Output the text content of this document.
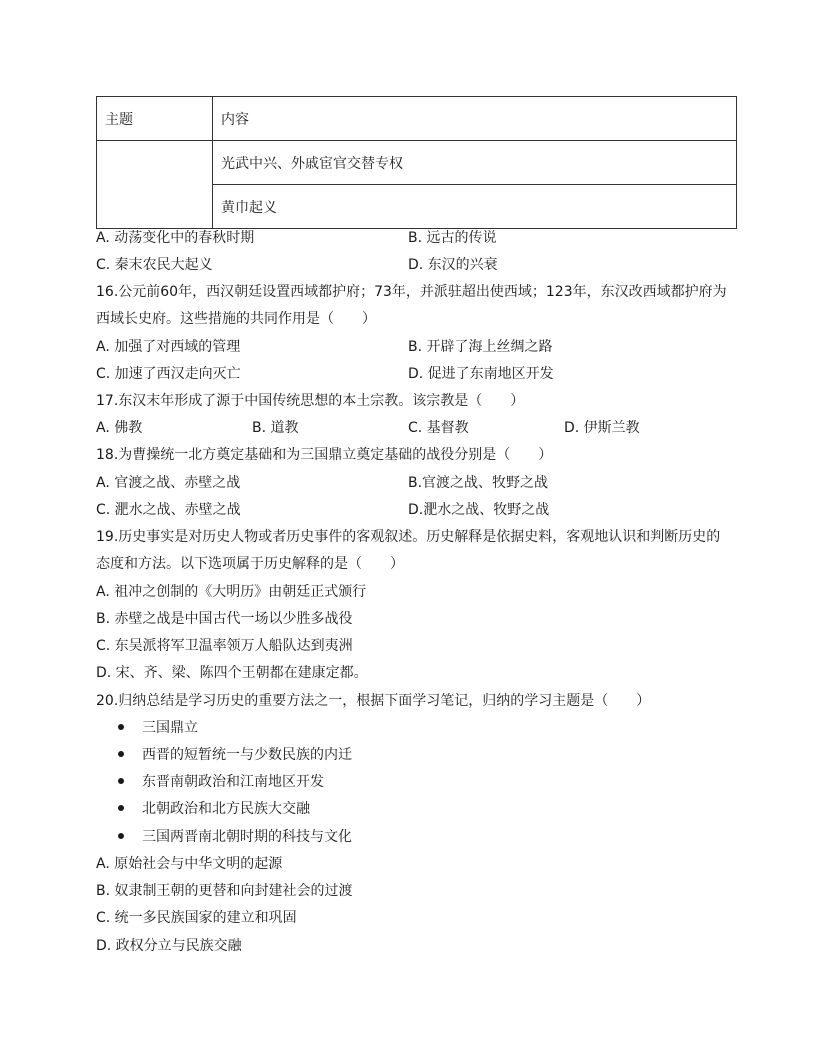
主题	内容
	光武中兴、外戚宦官交替专权
	黄巾起义
A. 动荡变化中的春秋时期	B. 远古的传说
C. 秦末农民大起义	D. 东汉的兴衰
16.公元前60年，西汉朝廷设置西域都护府；73年，并派驻超出使西域；123年，东汉改西域都护府为
西域长史府。这些措施的共同作用是（　　）
A. 加强了对西域的管理	B. 开辟了海上丝绸之路
C. 加速了西汉走向灭亡	D. 促进了东南地区开发
17.东汉末年形成了源于中国传统思想的本土宗教。该宗教是（　　）
A. 佛教	B. 道教	C. 基督教	D. 伊斯兰教
18.为曹操统一北方奠定基础和为三国鼎立奠定基础的战役分别是（　　）
A. 官渡之战、赤壁之战	B.官渡之战、牧野之战
C. 淝水之战、赤壁之战	D.淝水之战、牧野之战
19.历史事实是对历史人物或者历史事件的客观叙述。历史解释是依据史料，客观地认识和判断历史的
态度和方法。以下选项属于历史解释的是（　　）
A. 祖冲之创制的《大明历》由朝廷正式颁行
B. 赤壁之战是中国古代一场以少胜多战役
C. 东吴派将军卫温率领万人船队达到夷洲
D. 宋、齐、梁、陈四个王朝都在建康定都。
20.归纳总结是学习历史的重要方法之一，根据下面学习笔记，归纳的学习主题是（　　）
三国鼎立
西晋的短暂统一与少数民族的内迁
东晋南朝政治和江南地区开发
北朝政治和北方民族大交融
三国两晋南北朝时期的科技与文化
A. 原始社会与中华文明的起源
B. 奴隶制王朝的更替和向封建社会的过渡
C. 统一多民族国家的建立和巩固
D. 政权分立与民族交融
